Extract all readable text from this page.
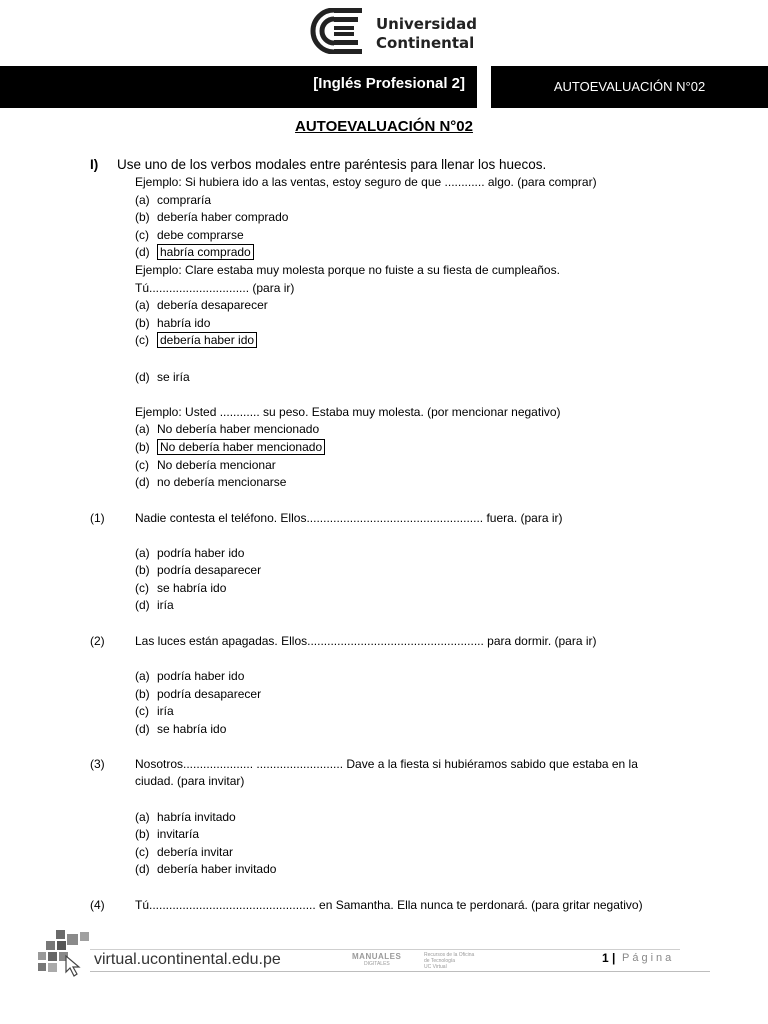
Universidad
Continental
[Inglés Profesional 2]	AUTOEVALUACIÓN N°02
AUTOEVALUACIÓN N°02
I) Use uno de los verbos modales entre paréntesis para llenar los huecos.
Ejemplo: Si hubiera ido a las ventas, estoy seguro de que ............ algo. (para comprar)
(a) compraría
(b) debería haber comprado
(c) debe comprarse
(d) habría comprado
Ejemplo: Clare estaba muy molesta porque no fuiste a su fiesta de cumpleaños.
Tú.............................. (para ir)
(a) debería desaparecer
(b) habría ido
(c) debería haber ido
(d) se iría
Ejemplo: Usted ............ su peso. Estaba muy molesta. (por mencionar negativo)
(a) No debería haber mencionado
(b) No debería haber mencionado
(c) No debería mencionar
(d) no debería mencionarse
(1)	Nadie contesta el teléfono. Ellos..................................................... fuera. (para ir)
(a) podría haber ido
(b) podría desaparecer
(c) se habría ido
(d) iría
(2)	Las luces están apagadas. Ellos..................................................... para dormir. (para ir)
(a) podría haber ido
(b) podría desaparecer
(c) iría
(d) se habría ido
(3)	Nosotros..................... .......................... Dave a la fiesta si hubiéramos sabido que estaba en la
ciudad. (para invitar)
(a) habría invitado
(b) invitaría
(c) debería invitar
(d) debería haber invitado
(4)	Tú.................................................. en Samantha. Ella nunca te perdonará. (para gritar negativo)
virtual.ucontinental.edu.pe	MANUALES
DIGITALES
Recursos de la Oficina
de Tecnología
UC Virtual
1 | Página
